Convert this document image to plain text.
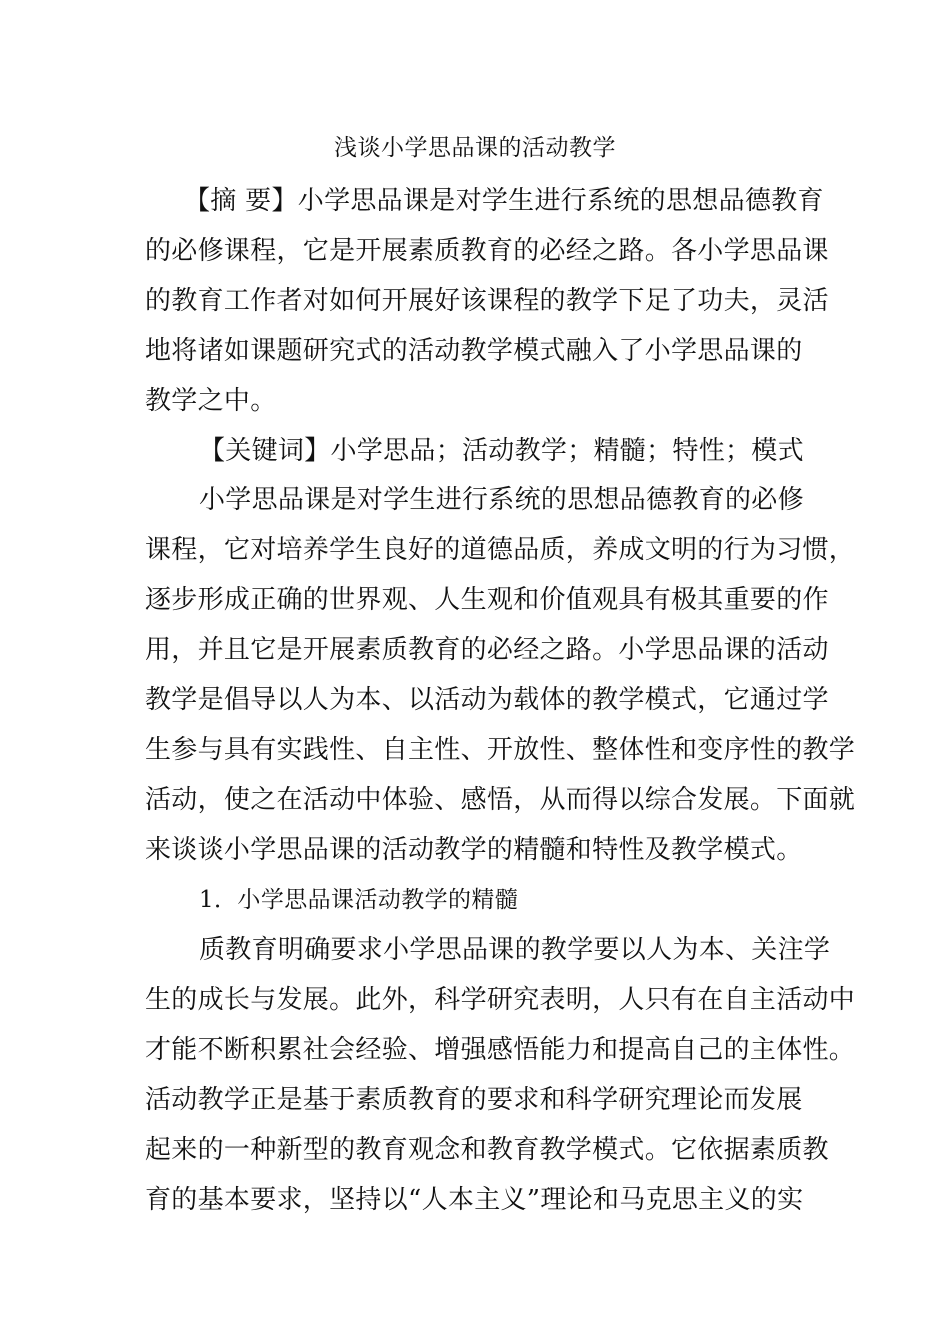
浅谈小学思品课的活动教学
【摘 要】小学思品课是对学生进行系统的思想品德教育
的必修课程，它是开展素质教育的必经之路。各小学思品课
的教育工作者对如何开展好该课程的教学下足了功夫，灵活
地将诸如课题研究式的活动教学模式融入了小学思品课的
教学之中。
【关键词】小学思品；活动教学；精髓；特性；模式
小学思品课是对学生进行系统的思想品德教育的必修
课程，它对培养学生良好的道德品质，养成文明的行为习惯，
逐步形成正确的世界观、人生观和价值观具有极其重要的作
用，并且它是开展素质教育的必经之路。小学思品课的活动
教学是倡导以人为本、以活动为载体的教学模式，它通过学
生参与具有实践性、自主性、开放性、整体性和变序性的教学
活动，使之在活动中体验、感悟，从而得以综合发展。下面就
来谈谈小学思品课的活动教学的精髓和特性及教学模式。
1．小学思品课活动教学的精髓
质教育明确要求小学思品课的教学要以人为本、关注学
生的成长与发展。此外，科学研究表明，人只有在自主活动中
才能不断积累社会经验、增强感悟能力和提高自己的主体性。
活动教学正是基于素质教育的要求和科学研究理论而发展
起来的一种新型的教育观念和教育教学模式。它依据素质教
育的基本要求，坚持以“人本主义”理论和马克思主义的实
